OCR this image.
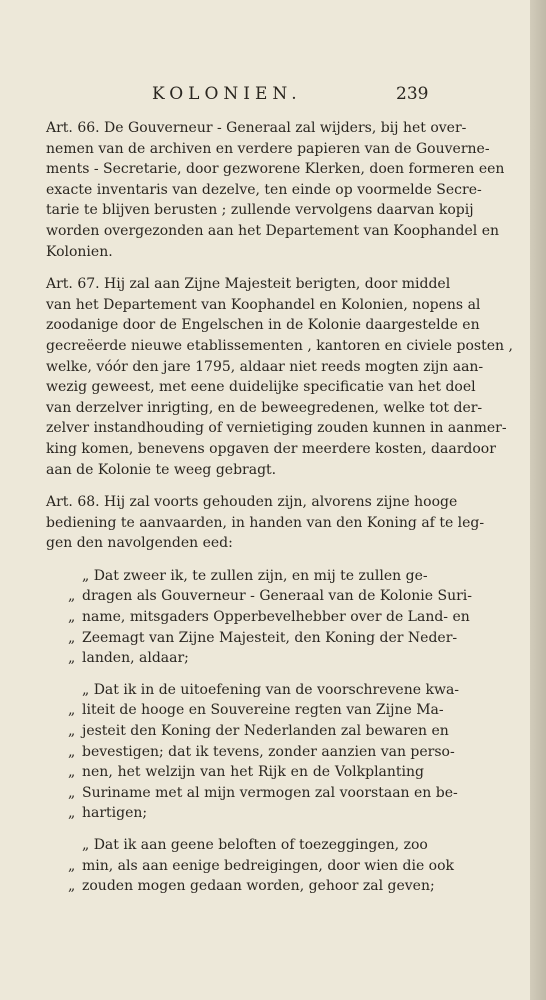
KOLONIEN.	239
Art. 66. De Gouverneur - Generaal zal wijders, bij het over-
nemen van de archiven en verdere papieren van de Gouverne-
ments - Secretarie, door gezworene Klerken, doen formeren een
exacte inventaris van dezelve, ten einde op voormelde Secre-
tarie te blijven berusten ; zullende vervolgens daarvan kopij
worden overgezonden aan het Departement van Koophandel en
Kolonien.
Art. 67. Hij zal aan Zijne Majesteit berigten, door middel
van het Departement van Koophandel en Kolonien, nopens al
zoodanige door de Engelschen in de Kolonie daargestelde en
gecreëerde nieuwe etablissementen , kantoren en civiele posten ,
welke, vóór den jare 1795, aldaar niet reeds mogten zijn aan-
wezig geweest, met eene duidelijke specificatie van het doel
van derzelver inrigting, en de beweegredenen, welke tot der-
zelver instandhouding of vernietiging zouden kunnen in aanmer-
king komen, benevens opgaven der meerdere kosten, daardoor
aan de Kolonie te weeg gebragt.
Art. 68. Hij zal voorts gehouden zijn, alvorens zijne hooge
bediening te aanvaarden, in handen van den Koning af te leg-
gen den navolgenden eed:
„ Dat zweer ik, te zullen zijn, en mij te zullen ge-
„ dragen als Gouverneur - Generaal van de Kolonie Suri-
„ name, mitsgaders Opperbevelhebber over de Land- en
„ Zeemagt van Zijne Majesteit, den Koning der Neder-
„ landen, aldaar;
„ Dat ik in de uitoefening van de voorschrevene kwa-
„ liteit de hooge en Souvereine regten van Zijne Ma-
„ jesteit den Koning der Nederlanden zal bewaren en
„ bevestigen; dat ik tevens, zonder aanzien van perso-
„ nen, het welzijn van het Rijk en de Volkplanting
„ Suriname met al mijn vermogen zal voorstaan en be-
„ hartigen;
„ Dat ik aan geene beloften of toezeggingen, zoo
„ min, als aan eenige bedreigingen, door wien die ook
„ zouden mogen gedaan worden, gehoor zal geven;
